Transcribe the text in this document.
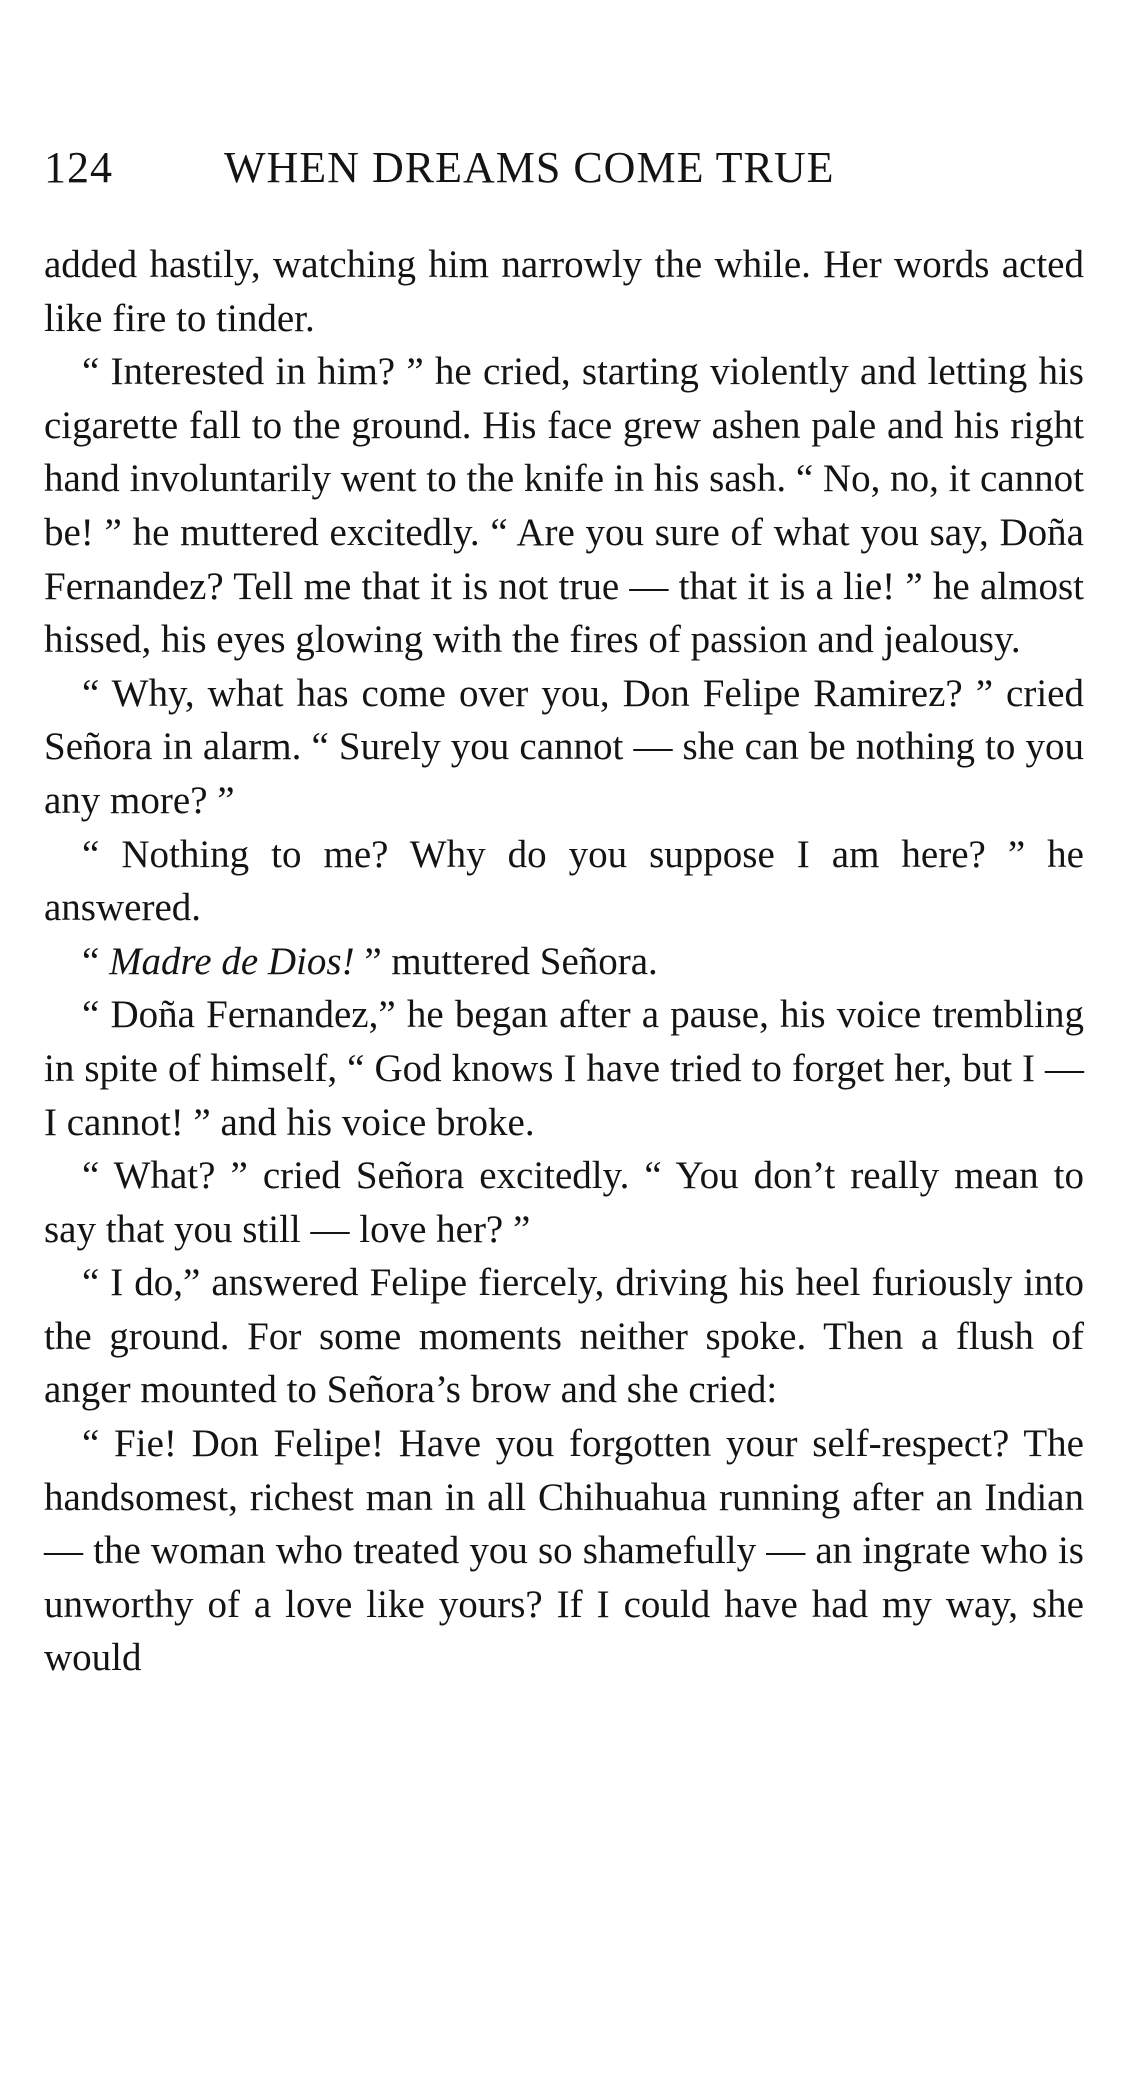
124	WHEN DREAMS COME TRUE

added hastily, watching him narrowly the while. Her words acted like fire to tinder.

“ Interested in him? ” he cried, starting violently and letting his cigarette fall to the ground. His face grew ashen pale and his right hand involuntarily went to the knife in his sash. “ No, no, it cannot be! ” he muttered excitedly. “ Are you sure of what you say, Doña Fernandez? Tell me that it is not true — that it is a lie! ” he almost hissed, his eyes glowing with the fires of passion and jealousy.

“ Why, what has come over you, Don Felipe Ramirez? ” cried Señora in alarm. “ Surely you cannot — she can be nothing to you any more? ”

“ Nothing to me? Why do you suppose I am here? ” he answered.

“ Madre de Dios! ” muttered Señora.

“ Doña Fernandez,” he began after a pause, his voice trembling in spite of himself, “ God knows I have tried to forget her, but I — I cannot! ” and his voice broke.

“ What? ” cried Señora excitedly. “ You don’t really mean to say that you still — love her? ”

“ I do,” answered Felipe fiercely, driving his heel furiously into the ground. For some moments neither spoke. Then a flush of anger mounted to Señora’s brow and she cried:

“ Fie! Don Felipe! Have you forgotten your self-respect? The handsomest, richest man in all Chihuahua running after an Indian — the woman who treated you so shamefully — an ingrate who is unworthy of a love like yours? If I could have had my way, she would
